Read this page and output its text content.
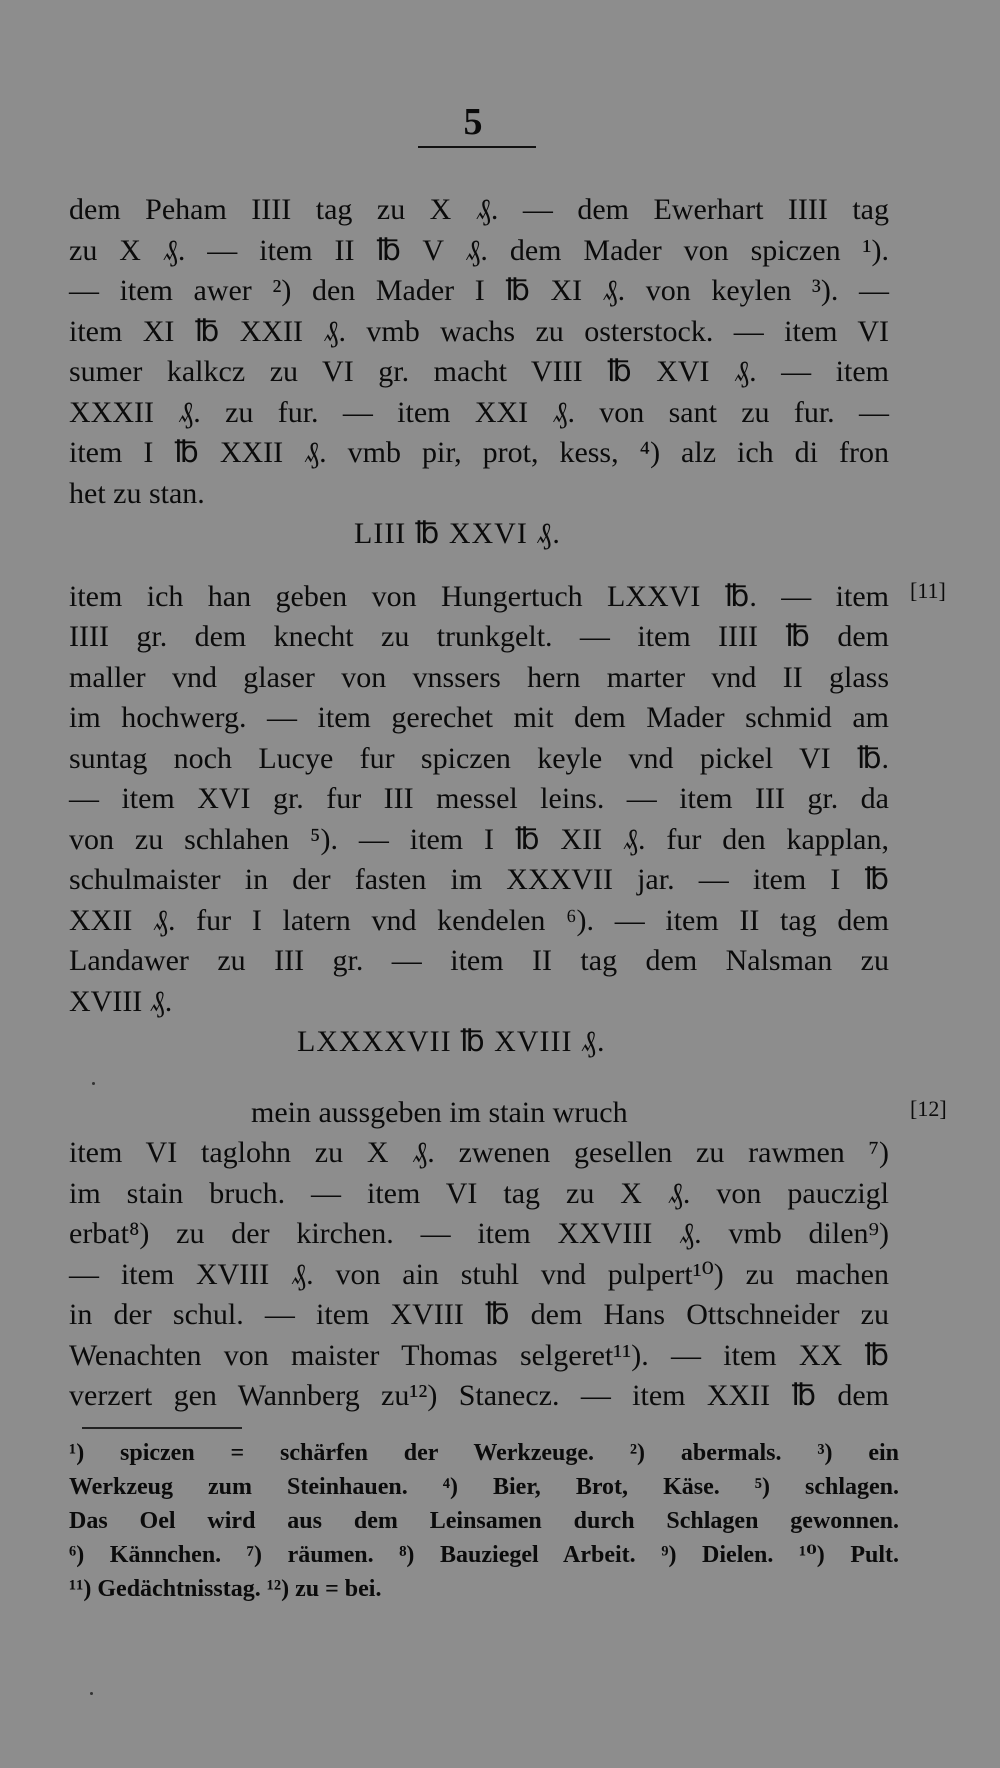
5
dem Peham IIII tag zu X ₰. — dem Ewerhart IIII tag
zu X ₰. — item II ℔ V ₰. dem Mader von spiczen ¹).
— item awer ²) den Mader I ℔ XI ₰. von keylen ³). —
item XI ℔ XXII ₰. vmb wachs zu osterstock. — item VI
sumer kalkcz zu VI gr. macht VIII ℔ XVI ₰. — item
XXXII ₰. zu fur. — item XXI ₰. von sant zu fur. —
item I ℔ XXII ₰. vmb pir, prot, kess, ⁴) alz ich di fron
het zu stan.
LIII ℔ XXVI ₰.
item ich han geben von Hungertuch LXXVI ℔. — item
IIII gr. dem knecht zu trunkgelt. — item IIII ℔ dem
maller vnd glaser von vnssers hern marter vnd II glass
im hochwerg. — item gerechet mit dem Mader schmid am
suntag noch Lucye fur spiczen keyle vnd pickel VI ℔.
— item XVI gr. fur III messel leins. — item III gr. da
von zu schlahen ⁵). — item I ℔ XII ₰. fur den kapplan,
schulmaister in der fasten im XXXVII jar. — item I ℔
XXII ₰. fur I latern vnd kendelen ⁶). — item II tag dem
Landawer zu III gr. — item II tag dem Nalsman zu
XVIII ₰.
LXXXXVII ℔ XVIII ₰.
mein aussgeben im stain wruch
item VI taglohn zu X ₰. zwenen gesellen zu rawmen ⁷)
im stain bruch. — item VI tag zu X ₰. von pauczigl
erbat⁸) zu der kirchen. — item XXVIII ₰. vmb dilen⁹)
— item XVIII ₰. von ain stuhl vnd pulpert¹⁰) zu machen
in der schul. — item XVIII ℔ dem Hans Ottschneider zu
Wenachten von maister Thomas selgeret¹¹). — item XX ℔
verzert gen Wannberg zu¹²) Stanecz. — item XXII ℔ dem
[11]
[12]
¹) spiczen = schärfen der Werkzeuge. ²) abermals. ³) ein
Werkzeug zum Steinhauen. ⁴) Bier, Brot, Käse. ⁵) schlagen.
Das Oel wird aus dem Leinsamen durch Schlagen gewonnen.
⁶) Kännchen. ⁷) räumen. ⁸) Bauziegel Arbeit. ⁹) Dielen. ¹⁰) Pult.
¹¹) Gedächtnisstag. ¹²) zu = bei.
